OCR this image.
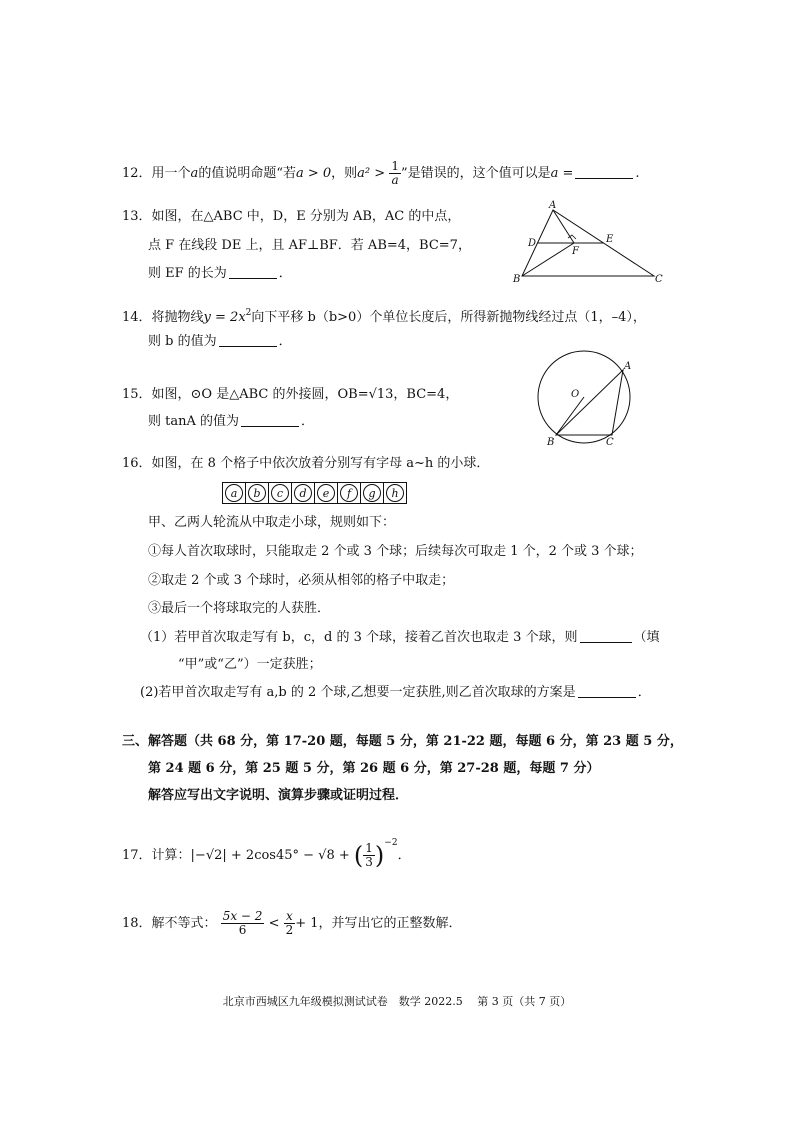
12．用一个a的值说明命题“若a > 0，则$a^2 > \frac{1}{a}$ ”是错误的，这个值可以是a =	.
13．如图，在△ABC 中，D，E 分别为 AB，AC 的中点，
点 F 在线段 DE 上，且 AF⊥BF．若 AB=4，BC=7，
则 EF 的长为	．
A
D	E
F
B	C
14．将抛物线$y = 2x^2$向下平移 b（b>0）个单位长度后，所得新抛物线经过点（1，–4），
则 b 的值为	．
15．如图，⊙O 是△ABC 的外接圆，OB=√13，BC=4，
则 tanA 的值为	．
A
O
B	C
16．如图，在 8 个格子中依次放着分别写有字母 a~h 的小球．
a	b	c	d	e	f	g	h
甲、乙两人轮流从中取走小球，规则如下：
①每人首次取球时，只能取走 2 个或 3 个球；后续每次可取走 1 个，2 个或 3 个球；
②取走 2 个或 3 个球时，必须从相邻的格子中取走；
③最后一个将球取完的人获胜．
（1）若甲首次取走写有 b，c，d 的 3 个球，接着乙首次也取走 3 个球，则	（填
“甲”或“乙”）一定获胜；
(2)若甲首次取走写有 a,b 的 2 个球,乙想要一定获胜,则乙首次取球的方案是	．
三、解答题（共 68 分，第 17-20 题，每题 5 分，第 21-22 题，每题 6 分，第 23 题 5 分，
第 24 题 6 分，第 25 题 5 分，第 26 题 6 分，第 27-28 题，每题 7 分）
解答应写出文字说明、演算步骤或证明过程．
17．计算：|−√2| + 2cos45° − √8 + ( $\frac{1}{3} )^{-2}$．
18．解不等式： $\frac{5x - 2}{6} < \frac{x}{2} + 1$，并写出它的正整数解．
北京市西城区九年级模拟测试试卷　数学 2022.5　 第 3 页（共 7 页）
